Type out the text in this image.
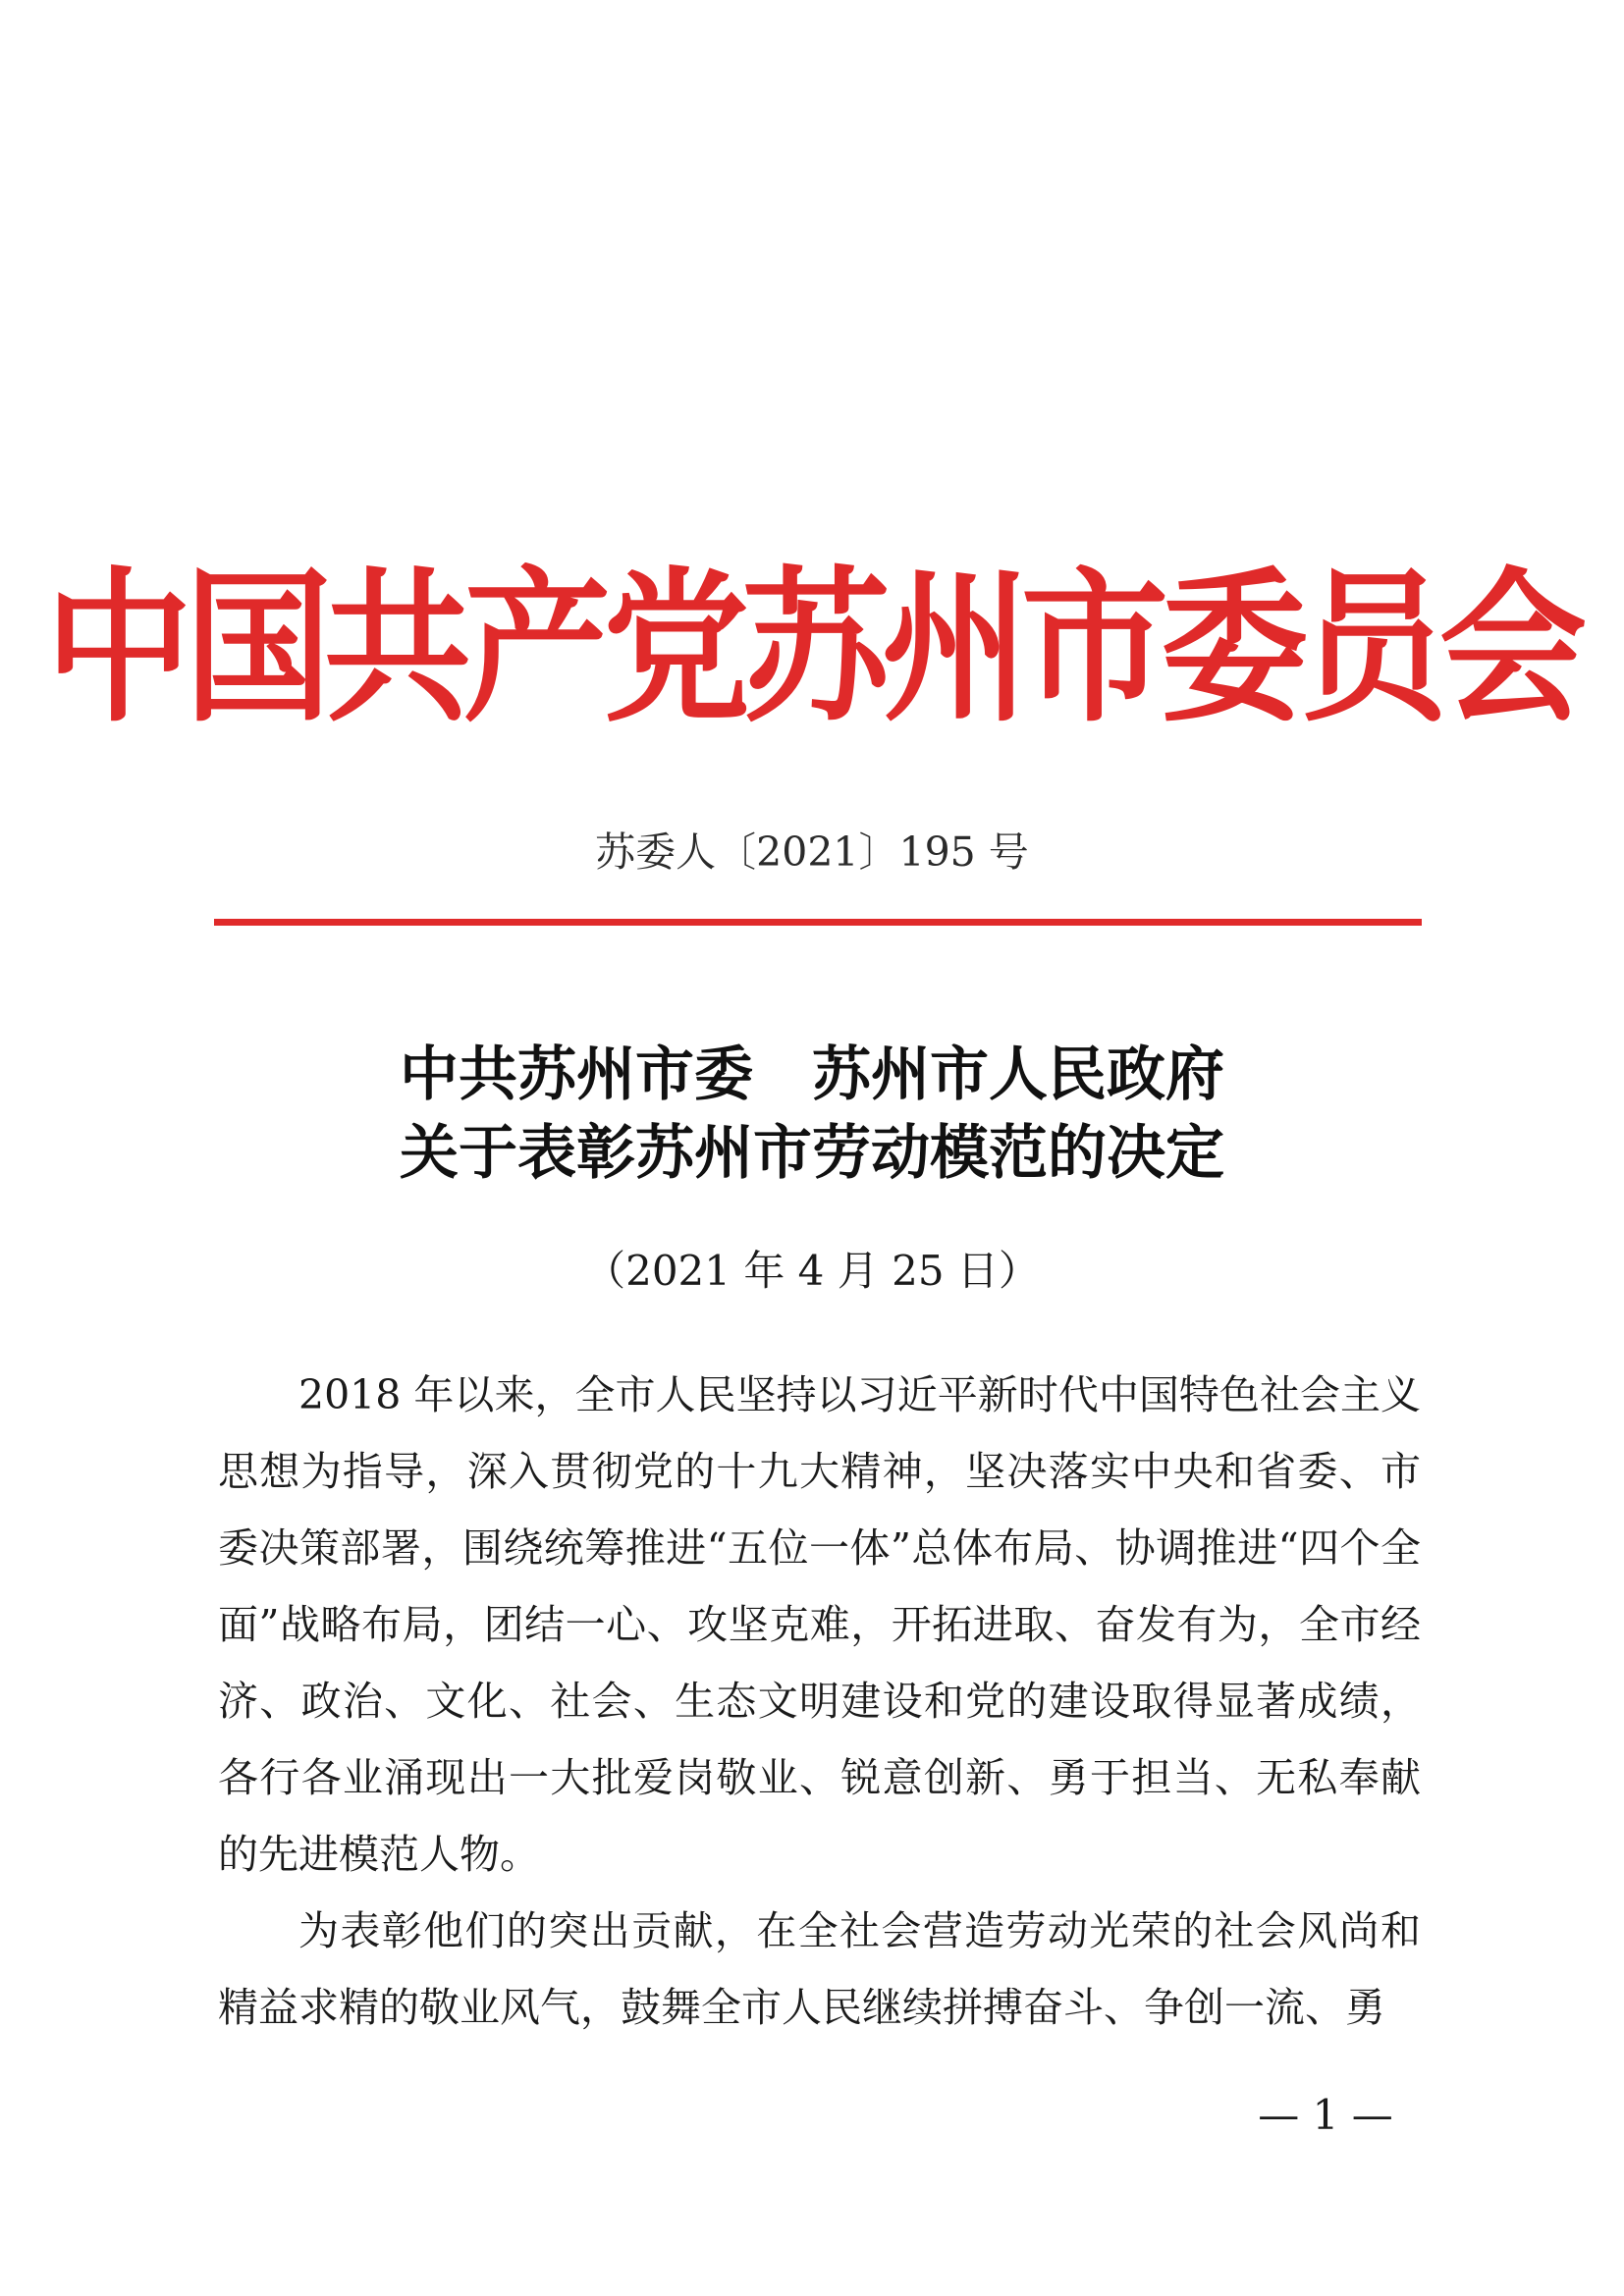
中国共产党苏州市委员会
苏委人〔2021〕195 号
中共苏州市委　苏州市人民政府
关于表彰苏州市劳动模范的决定
（2021 年 4 月 25 日）

2018 年以来，全市人民坚持以习近平新时代中国特色社会主义思想为指导，深入贯彻党的十九大精神，坚决落实中央和省委、市委决策部署，围绕统筹推进“五位一体”总体布局、协调推进“四个全面”战略布局，团结一心、攻坚克难，开拓进取、奋发有为，全市经济、政治、文化、社会、生态文明建设和党的建设取得显著成绩，各行各业涌现出一大批爱岗敬业、锐意创新、勇于担当、无私奉献的先进模范人物。

为表彰他们的突出贡献，在全社会营造劳动光荣的社会风尚和精益求精的敬业风气，鼓舞全市人民继续拼搏奋斗、争创一流、勇

— 1 —
